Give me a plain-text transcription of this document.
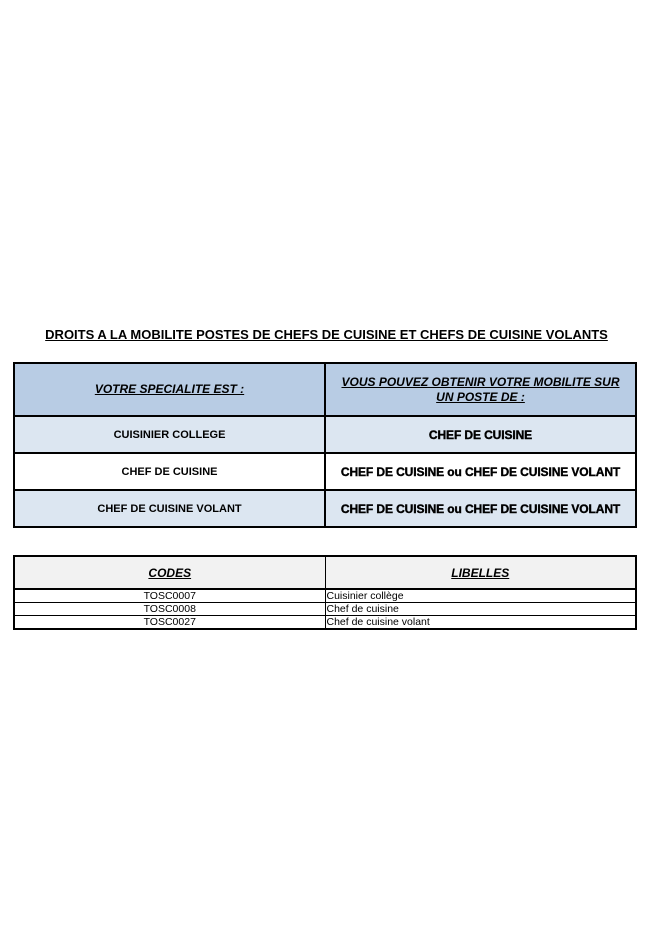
DROITS A LA MOBILITE POSTES DE CHEFS DE CUISINE ET CHEFS DE CUISINE VOLANTS
VOTRE SPECIALITE EST :	VOUS POUVEZ OBTENIR VOTRE MOBILITE SUR
UN POSTE DE :
CUISINIER COLLEGE	CHEF DE CUISINE
CHEF DE CUISINE	CHEF DE CUISINE ou CHEF DE CUISINE VOLANT
CHEF DE CUISINE VOLANT	CHEF DE CUISINE ou CHEF DE CUISINE VOLANT
CODES	LIBELLES
TOSC0007	Cuisinier collège
TOSC0008	Chef de cuisine
TOSC0027	Chef de cuisine volant
